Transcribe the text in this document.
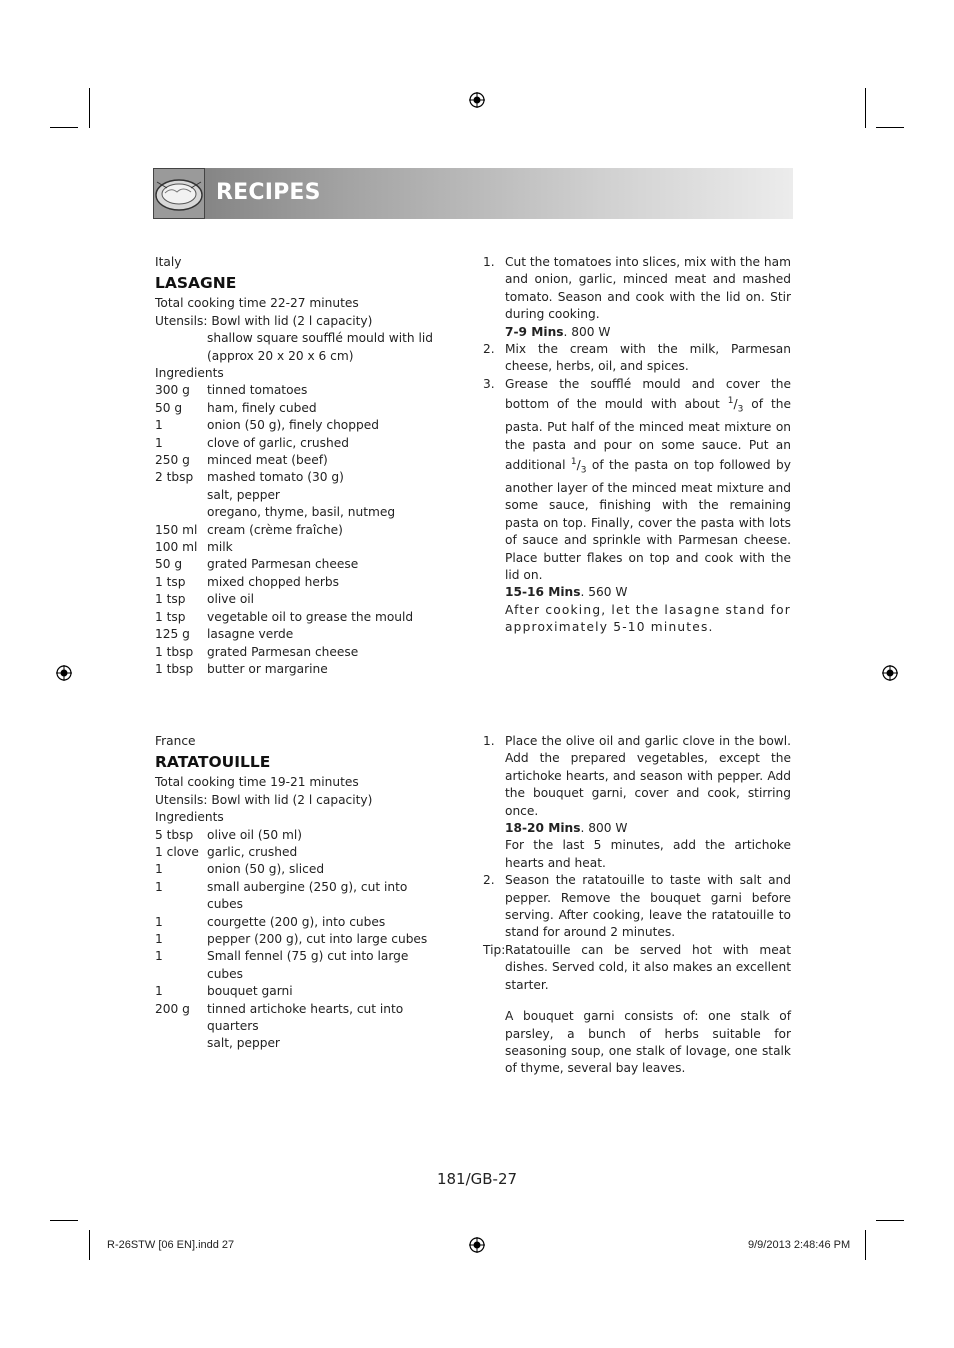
RECIPES
Italy
LASAGNE
Total cooking time 22-27 minutes
Utensils: Bowl with lid (2 l capacity)
shallow square soufflé mould with lid
(approx 20 x 20 x 6 cm)
Ingredients
300 g	tinned tomatoes
50 g	ham, finely cubed
1	onion (50 g), finely chopped
1	clove of garlic, crushed
250 g	minced meat (beef)
2 tbsp	mashed tomato (30 g)
salt, pepper
oregano, thyme, basil, nutmeg
150 ml cream (crème fraîche)
100 ml milk
50 g	grated Parmesan cheese
1 tsp	mixed chopped herbs
1 tsp	olive oil
1 tsp	vegetable oil to grease the mould
125 g	lasagne verde
1 tbsp	grated Parmesan cheese
1 tbsp	butter or margarine
1. Cut the tomatoes into slices, mix with the ham and onion, garlic, minced meat and mashed tomato. Season and cook with the lid on. Stir during cooking.
7-9 Mins. 800 W
2. Mix the cream with the milk, Parmesan cheese, herbs, oil, and spices.
3. Grease the soufflé mould and cover the bottom of the mould with about $^1/_3$ of the pasta. Put half of the minced meat mixture on the pasta and pour on some sauce. Put an additional $^1/_3$ of the pasta on top followed by another layer of the minced meat mixture and some sauce, finishing with the remaining pasta on top. Finally, cover the pasta with lots of sauce and sprinkle with Parmesan cheese. Place butter flakes on top and cook with the lid on.
15-16 Mins. 560 W
After cooking, let the lasagne stand for approximately 5-10 minutes.
France
RATATOUILLE
Total cooking time 19-21 minutes
Utensils: Bowl with lid (2 l capacity)
Ingredients
5 tbsp	olive oil (50 ml)
1 clove garlic, crushed
1	onion (50 g), sliced
1	small aubergine (250 g), cut into cubes
1	courgette (200 g), into cubes
1	pepper (200 g), cut into large cubes
1	Small fennel (75 g) cut into large cubes
1	bouquet garni
200 g	tinned artichoke hearts, cut into quarters
salt, pepper
1. Place the olive oil and garlic clove in the bowl. Add the prepared vegetables, except the artichoke hearts, and season with pepper. Add the bouquet garni, cover and cook, stirring once.
18-20 Mins. 800 W
For the last 5 minutes, add the artichoke hearts and heat.
2. Season the ratatouille to taste with salt and pepper. Remove the bouquet garni before serving. After cooking, leave the ratatouille to stand for around 2 minutes.
Tip: Ratatouille can be served hot with meat dishes. Served cold, it also makes an excellent starter.
A bouquet garni consists of: one stalk of parsley, a bunch of herbs suitable for seasoning soup, one stalk of lovage, one stalk of thyme, several bay leaves.
181/GB-27
R-26STW [06 EN].indd 27	9/9/2013 2:48:46 PM
